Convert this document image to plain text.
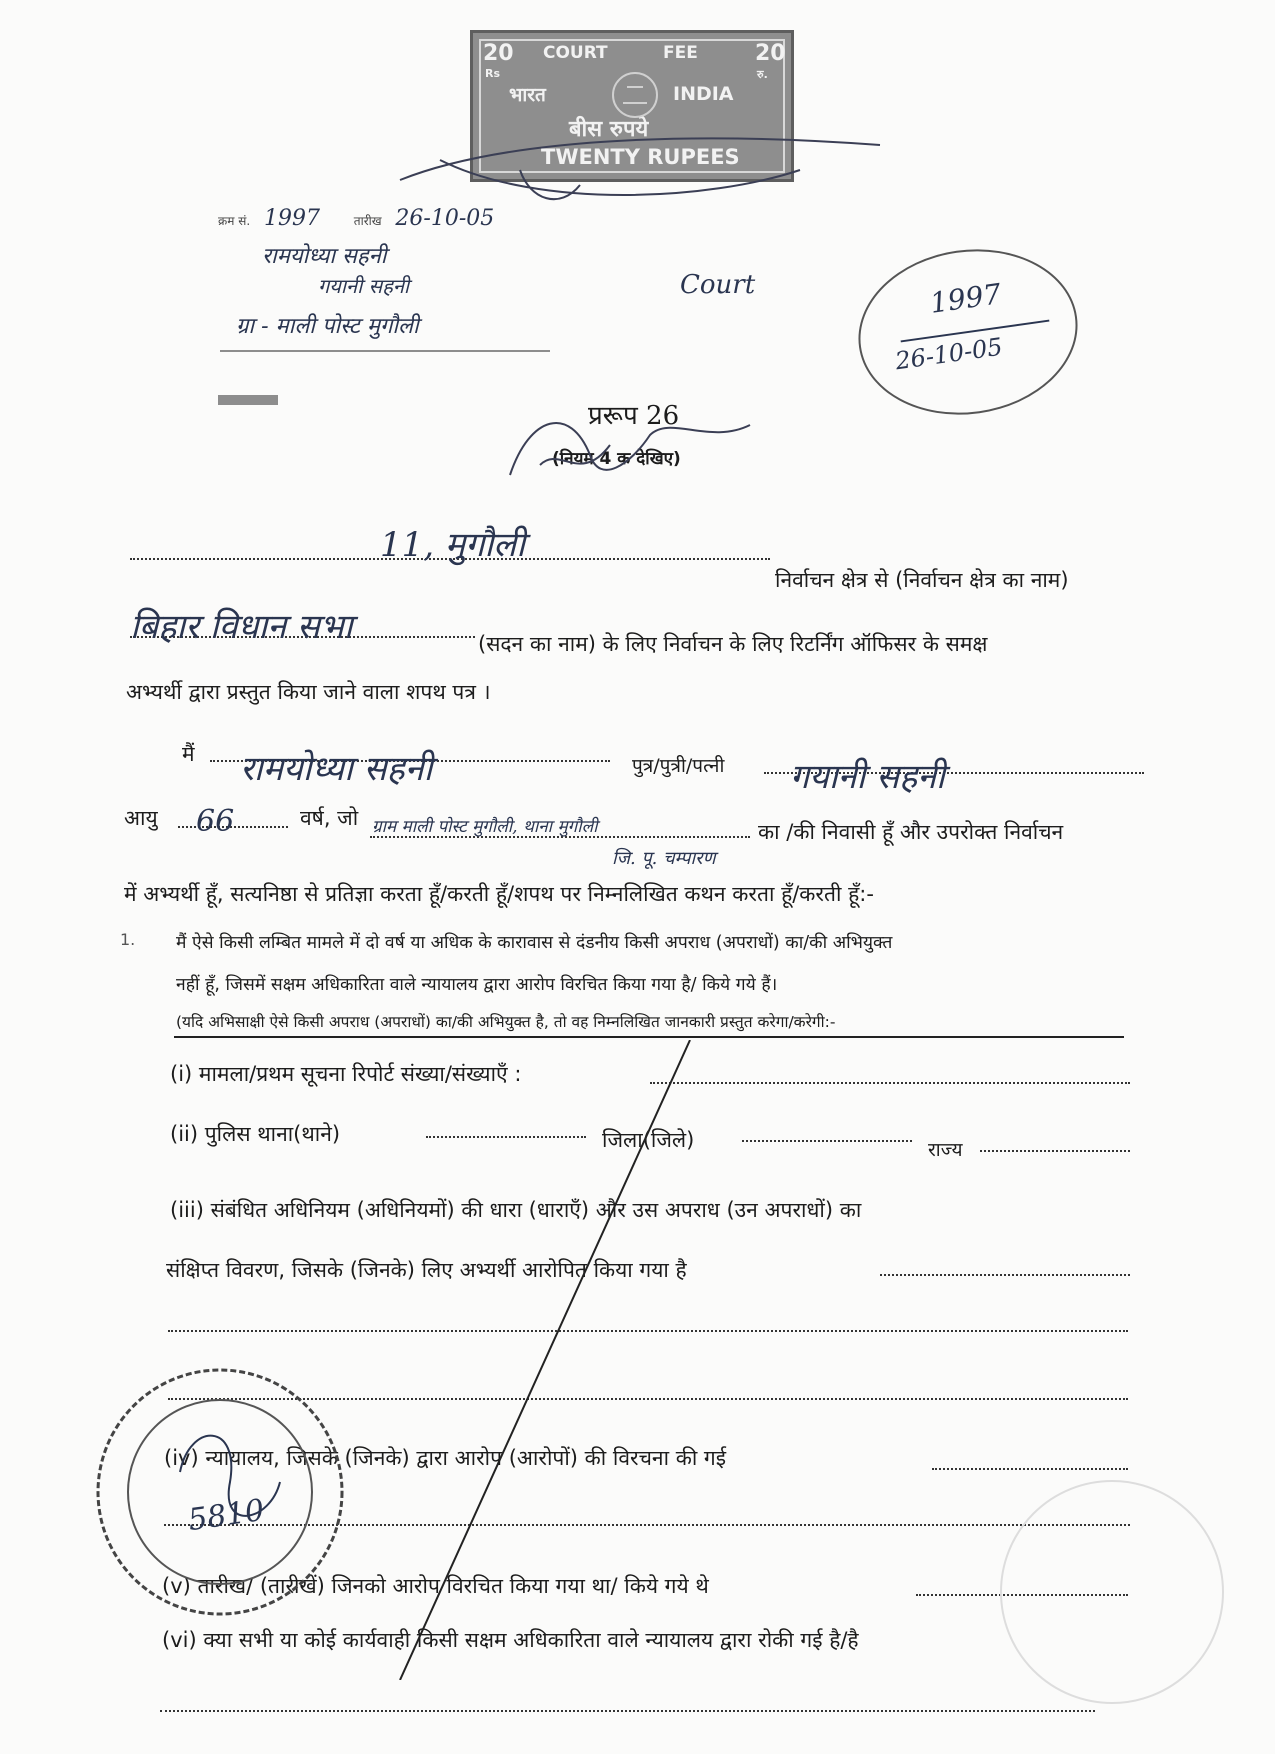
20
Rs
COURT	FEE	20
रु.
भारत	INDIA
बीस रुपये
TWENTY RUPEES
क्रम सं. 1997	तारीख 26-10-05
रामयोध्या सहनी
गयानी सहनी
ग्रा - माली पोस्ट मुगौली
Court	1997
26-10-05
प्ररूप 26
(नियम 4 क देखिए)
11, मुगौली
निर्वाचन क्षेत्र से (निर्वाचन क्षेत्र का नाम)
बिहार विधान सभा	(सदन का नाम) के लिए निर्वाचन के लिए रिटर्निंग ऑफिसर के समक्ष
अभ्यर्थी द्वारा प्रस्तुत किया जाने वाला शपथ पत्र ।
मैं रामयोध्या सहनी	पुत्र/पुत्री/पत्नी गयानी सहनी
आयु 66	वर्ष, जो ग्राम माली पोस्ट मुगौली, थाना मुगौली
जि. पू. चम्पारण
का /की निवासी हूँ और उपरोक्त निर्वाचन
में अभ्यर्थी हूँ, सत्यनिष्ठा से प्रतिज्ञा करता हूँ/करती हूँ/शपथ पर निम्नलिखित कथन करता हूँ/करती हूँ:-
1. मैं ऐसे किसी लम्बित मामले में दो वर्ष या अधिक के कारावास से दंडनीय किसी अपराध (अपराधों) का/की अभियुक्त
नहीं हूँ, जिसमें सक्षम अधिकारिता वाले न्यायालय द्वारा आरोप विरचित किया गया है/ किये गये हैं।
(यदि अभिसाक्षी ऐसे किसी अपराध (अपराधों) का/की अभियुक्त है, तो वह निम्नलिखित जानकारी प्रस्तुत करेगा/करेगी:-
(i) मामला/प्रथम सूचना रिपोर्ट संख्या/संख्याएँ :
(ii) पुलिस थाना(थाने)	जिला(जिले)	राज्य
(iii) संबंधित अधिनियम (अधिनियमों) की धारा (धाराएँ) और उस अपराध (उन अपराधों) का
संक्षिप्त विवरण, जिसके (जिनके) लिए अभ्यर्थी आरोपित किया गया है
(iv) न्यायालय, जिसके (जिनके) द्वारा आरोप (आरोपों) की विरचना की गई
(v) तारीख/ (तारीखें) जिनको आरोप विरचित किया गया था/ किये गये थे
(vi) क्या सभी या कोई कार्यवाही किसी सक्षम अधिकारिता वाले न्यायालय द्वारा रोकी गई है/है
5810
